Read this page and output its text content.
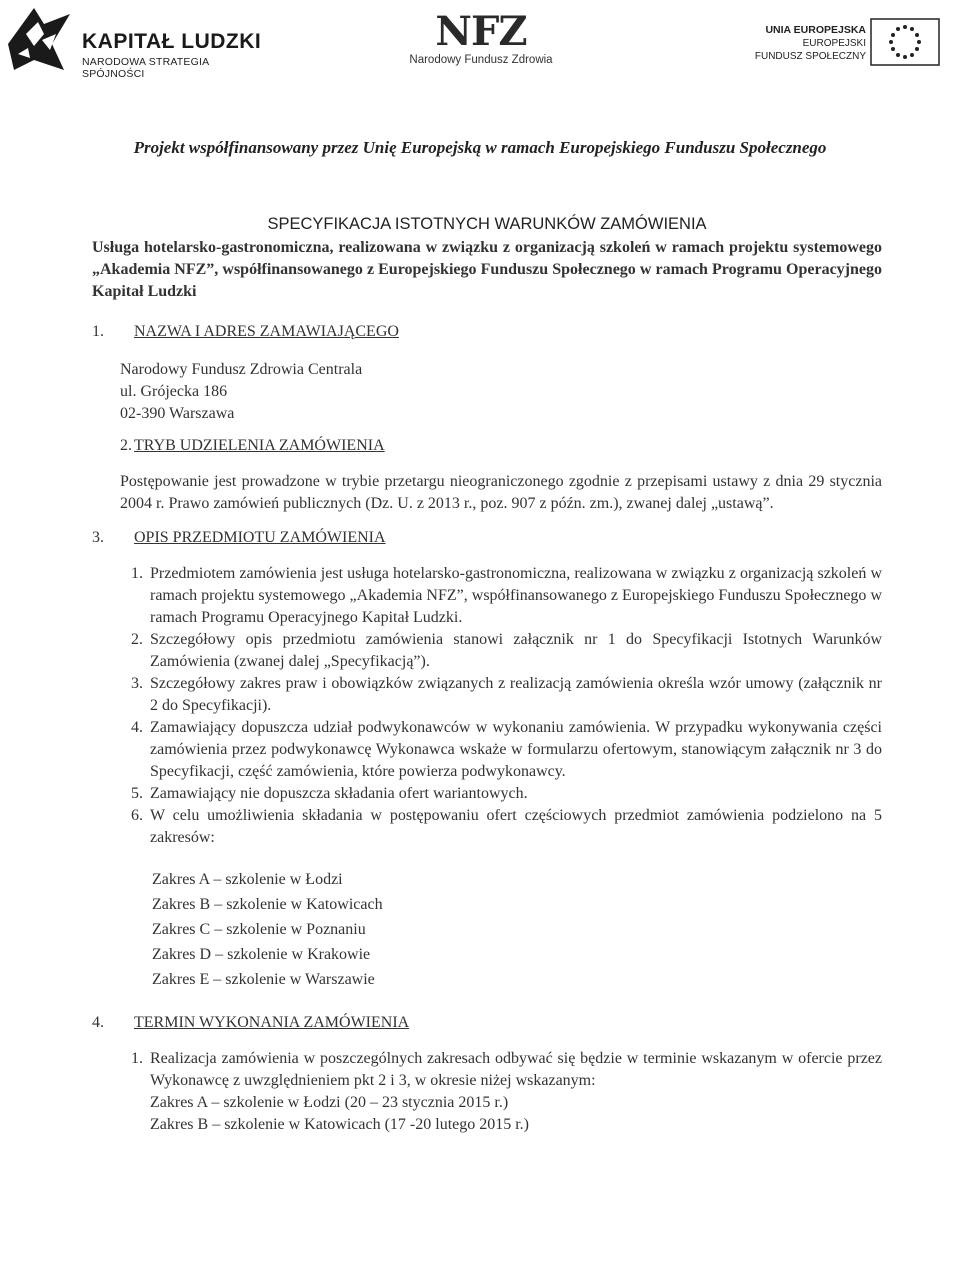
KAPITAŁ LUDZKI
NARODOWA STRATEGIA SPÓJNOŚCI
NFZ
Narodowy Fundusz Zdrowia
UNIA EUROPEJSKA
EUROPEJSKI
FUNDUSZ SPOŁECZNY
Projekt współfinansowany przez Unię Europejską w ramach Europejskiego Funduszu Społecznego
SPECYFIKACJA ISTOTNYCH WARUNKÓW ZAMÓWIENIA
Usługa hotelarsko-gastronomiczna, realizowana w związku z organizacją szkoleń w ramach projektu systemowego „Akademia NFZ”, współfinansowanego z Europejskiego Funduszu Społecznego w ramach Programu Operacyjnego Kapitał Ludzki
1.	NAZWA I ADRES ZAMAWIAJĄCEGO
Narodowy Fundusz Zdrowia Centrala
ul. Grójecka 186
02-390 Warszawa
2. TRYB UDZIELENIA ZAMÓWIENIA
Postępowanie jest prowadzone w trybie przetargu nieograniczonego zgodnie z przepisami ustawy z dnia 29 stycznia 2004 r. Prawo zamówień publicznych (Dz. U. z 2013 r., poz. 907 z późn. zm.), zwanej dalej „ustawą”.
3.	OPIS PRZEDMIOTU ZAMÓWIENIA
1. Przedmiotem zamówienia jest usługa hotelarsko-gastronomiczna, realizowana w związku z organizacją szkoleń w ramach projektu systemowego „Akademia NFZ”, współfinansowanego z Europejskiego Funduszu Społecznego w ramach Programu Operacyjnego Kapitał Ludzki.
2. Szczegółowy opis przedmiotu zamówienia stanowi załącznik nr 1 do Specyfikacji Istotnych Warunków Zamówienia (zwanej dalej „Specyfikacją”).
3. Szczegółowy zakres praw i obowiązków związanych z realizacją zamówienia określa wzór umowy (załącznik nr 2 do Specyfikacji).
4. Zamawiający dopuszcza udział podwykonawców w wykonaniu zamówienia. W przypadku wykonywania części zamówienia przez podwykonawcę Wykonawca wskaże w formularzu ofertowym, stanowiącym załącznik nr 3 do Specyfikacji, część zamówienia, które powierza podwykonawcy.
5. Zamawiający nie dopuszcza składania ofert wariantowych.
6. W celu umożliwienia składania w postępowaniu ofert częściowych przedmiot zamówienia podzielono na 5 zakresów:
Zakres A – szkolenie w Łodzi
Zakres B – szkolenie w Katowicach
Zakres C – szkolenie w Poznaniu
Zakres D – szkolenie w Krakowie
Zakres E – szkolenie w Warszawie
4.	TERMIN WYKONANIA ZAMÓWIENIA
1. Realizacja zamówienia w poszczególnych zakresach odbywać się będzie w terminie wskazanym w ofercie przez Wykonawcę z uwzględnieniem pkt 2 i 3, w okresie niżej wskazanym:
Zakres A – szkolenie w Łodzi (20 – 23 stycznia 2015 r.)
Zakres B – szkolenie w Katowicach (17 -20 lutego 2015 r.)
